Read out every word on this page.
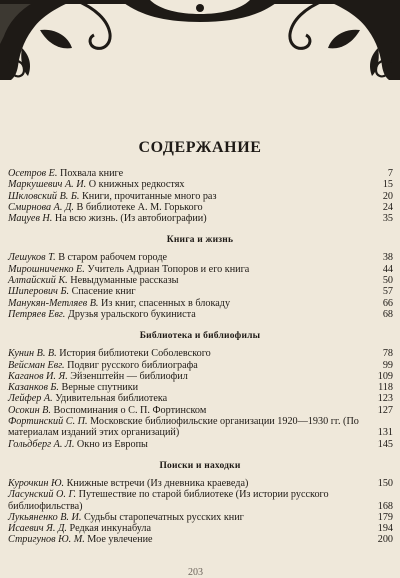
СОДЕРЖАНИЕ
Осетров Е. Похвала книге	7
Маркушевич А. И. О книжных редкостях	15
Шкловский В. Б. Книги, прочитанные много раз	20
Смирнова А. Д. В библиотеке А. М. Горького	24
Мацуев Н. На всю жизнь. (Из автобиографии)	35
Книга и жизнь
Лешуков Т. В старом рабочем городе	38
Мирошниченко Е. Учитель Адриан Топоров и его книга	44
Алтайский К. Невыдуманные рассказы	50
Шиперович Б. Спасение книг	57
Манукян-Метляев В. Из книг, спасенных в блокаду	66
Петряев Евг. Друзья уральского букиниста	68
Библиотека и библиофилы
Кунин В. В. История библиотеки Соболевского	78
Вейсман Евг. Подвиг русского библиографа	99
Каганов И. Я. Эйзенштейн — библиофил	109
Казанков Б. Верные спутники	118
Лейфер А. Удивительная библиотека	123
Осокин В. Воспоминания о С. П. Фортинском	127
Фортинский С. П. Московские библиофильские организации 1920—1930 гг. (По материалам изданий этих организаций)	131
Гольдберг А. Л. Окно из Европы	145
Поиски и находки
Курочкин Ю. Книжные встречи (Из дневника краеведа)	150
Ласунский О. Г. Путешествие по старой библиотеке (Из истории русского библиофильства)	168
Лукьяненко В. И. Судьбы старопечатных русских книг	179
Исаевич Я. Д. Редкая инкунабула	194
Стригунов Ю. М. Мое увлечение	200
203
